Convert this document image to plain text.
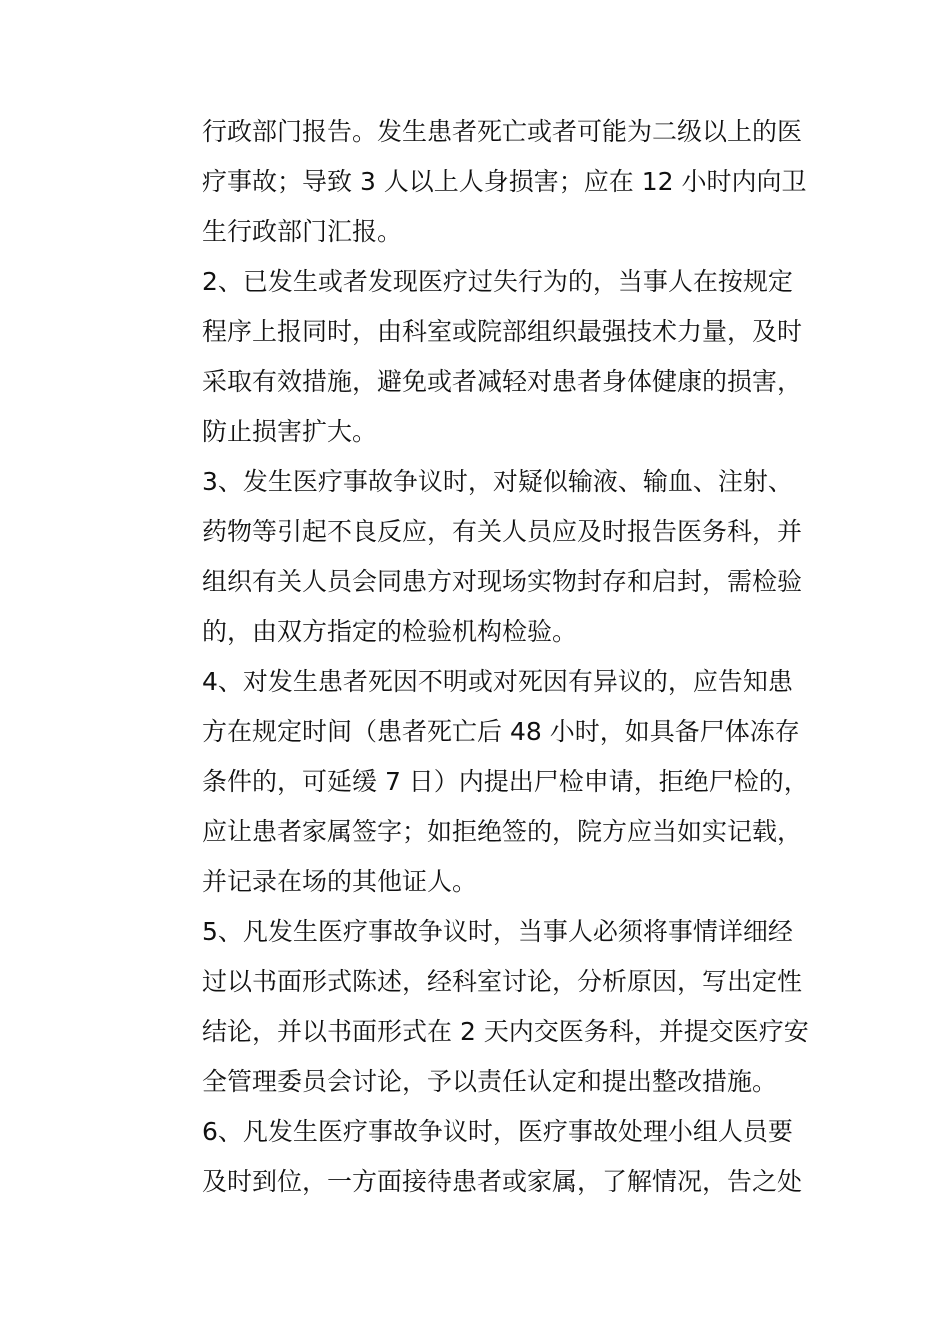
行政部门报告。发生患者死亡或者可能为二级以上的医
疗事故；导致 3 人以上人身损害；应在 12 小时内向卫
生行政部门汇报。
2、已发生或者发现医疗过失行为的，当事人在按规定
程序上报同时，由科室或院部组织最强技术力量，及时
采取有效措施，避免或者减轻对患者身体健康的损害，
防止损害扩大。
3、发生医疗事故争议时，对疑似输液、输血、注射、
药物等引起不良反应，有关人员应及时报告医务科，并
组织有关人员会同患方对现场实物封存和启封，需检验
的，由双方指定的检验机构检验。
4、对发生患者死因不明或对死因有异议的，应告知患
方在规定时间（患者死亡后 48 小时，如具备尸体冻存
条件的，可延缓 7 日）内提出尸检申请，拒绝尸检的，
应让患者家属签字；如拒绝签的，院方应当如实记载，
并记录在场的其他证人。
5、凡发生医疗事故争议时，当事人必须将事情详细经
过以书面形式陈述，经科室讨论，分析原因，写出定性
结论，并以书面形式在 2 天内交医务科，并提交医疗安
全管理委员会讨论，予以责任认定和提出整改措施。
6、凡发生医疗事故争议时，医疗事故处理小组人员要
及时到位，一方面接待患者或家属，了解情况，告之处
